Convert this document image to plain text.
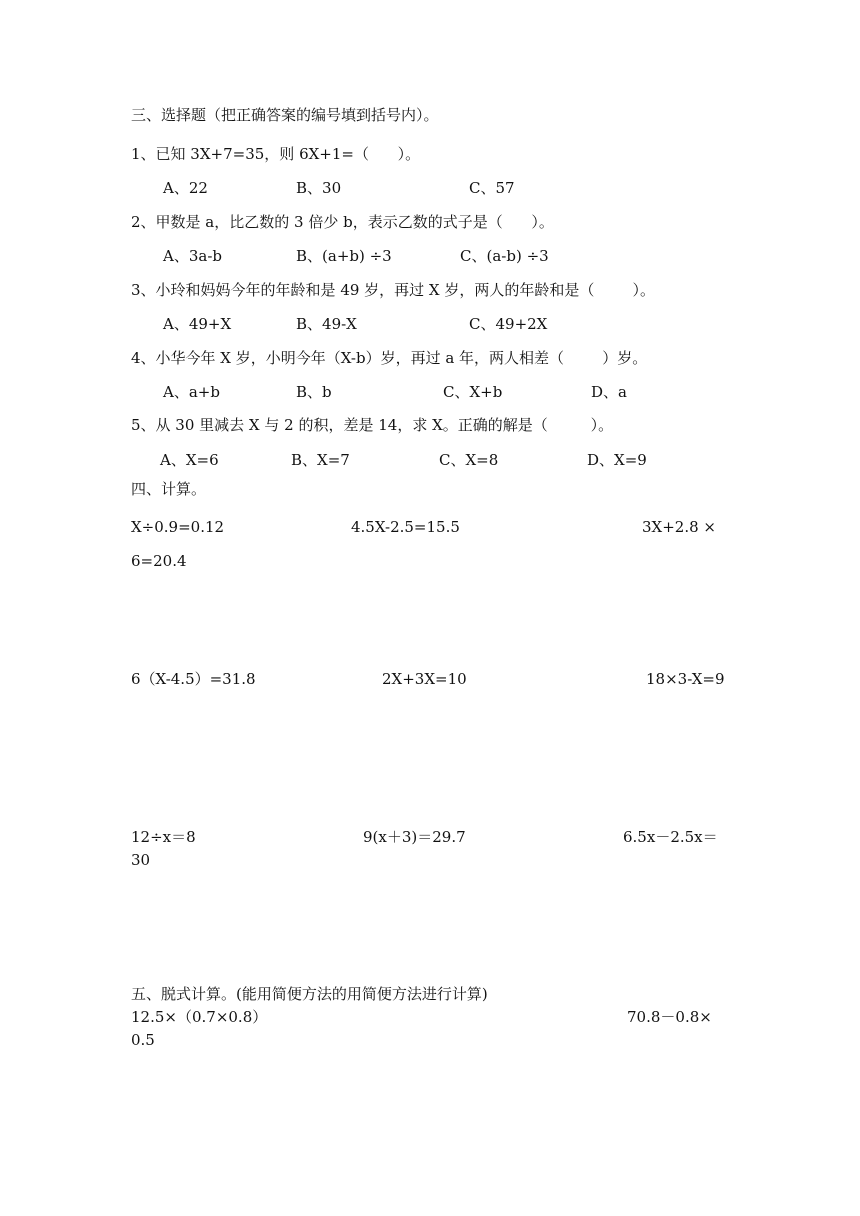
三、选择题（把正确答案的编号填到括号内）。
1、已知 3X+7=35，则 6X+1=（      ）。
A、22	B、30	C、57
2、甲数是 a，比乙数的 3 倍少 b，表示乙数的式子是（      ）。
A、3a-b	B、(a+b) ÷3	C、(a-b) ÷3
3、小玲和妈妈今年的年龄和是 49 岁，再过 X 岁，两人的年龄和是（        ）。
A、49+X	B、49-X	C、49+2X
4、小华今年 X 岁，小明今年（X-b）岁，再过 a 年，两人相差（        ）岁。
A、a+b	B、b	C、X+b	D、a
5、从 30 里减去 X 与 2 的积，差是 14，求 X。正确的解是（         ）。
A、X=6	B、X=7	C、X=8	D、X=9
四、计算。
X÷0.9=0.12	4.5X-2.5=15.5	3X+2.8 ×
6=20.4
6（X-4.5）=31.8	2X+3X=10	18×3-X=9
12÷x＝8	9(x＋3)＝29.7	6.5x－2.5x＝
30
五、脱式计算。(能用简便方法的用简便方法进行计算)
12.5×（0.7×0.8）	70.8－0.8×
0.5
